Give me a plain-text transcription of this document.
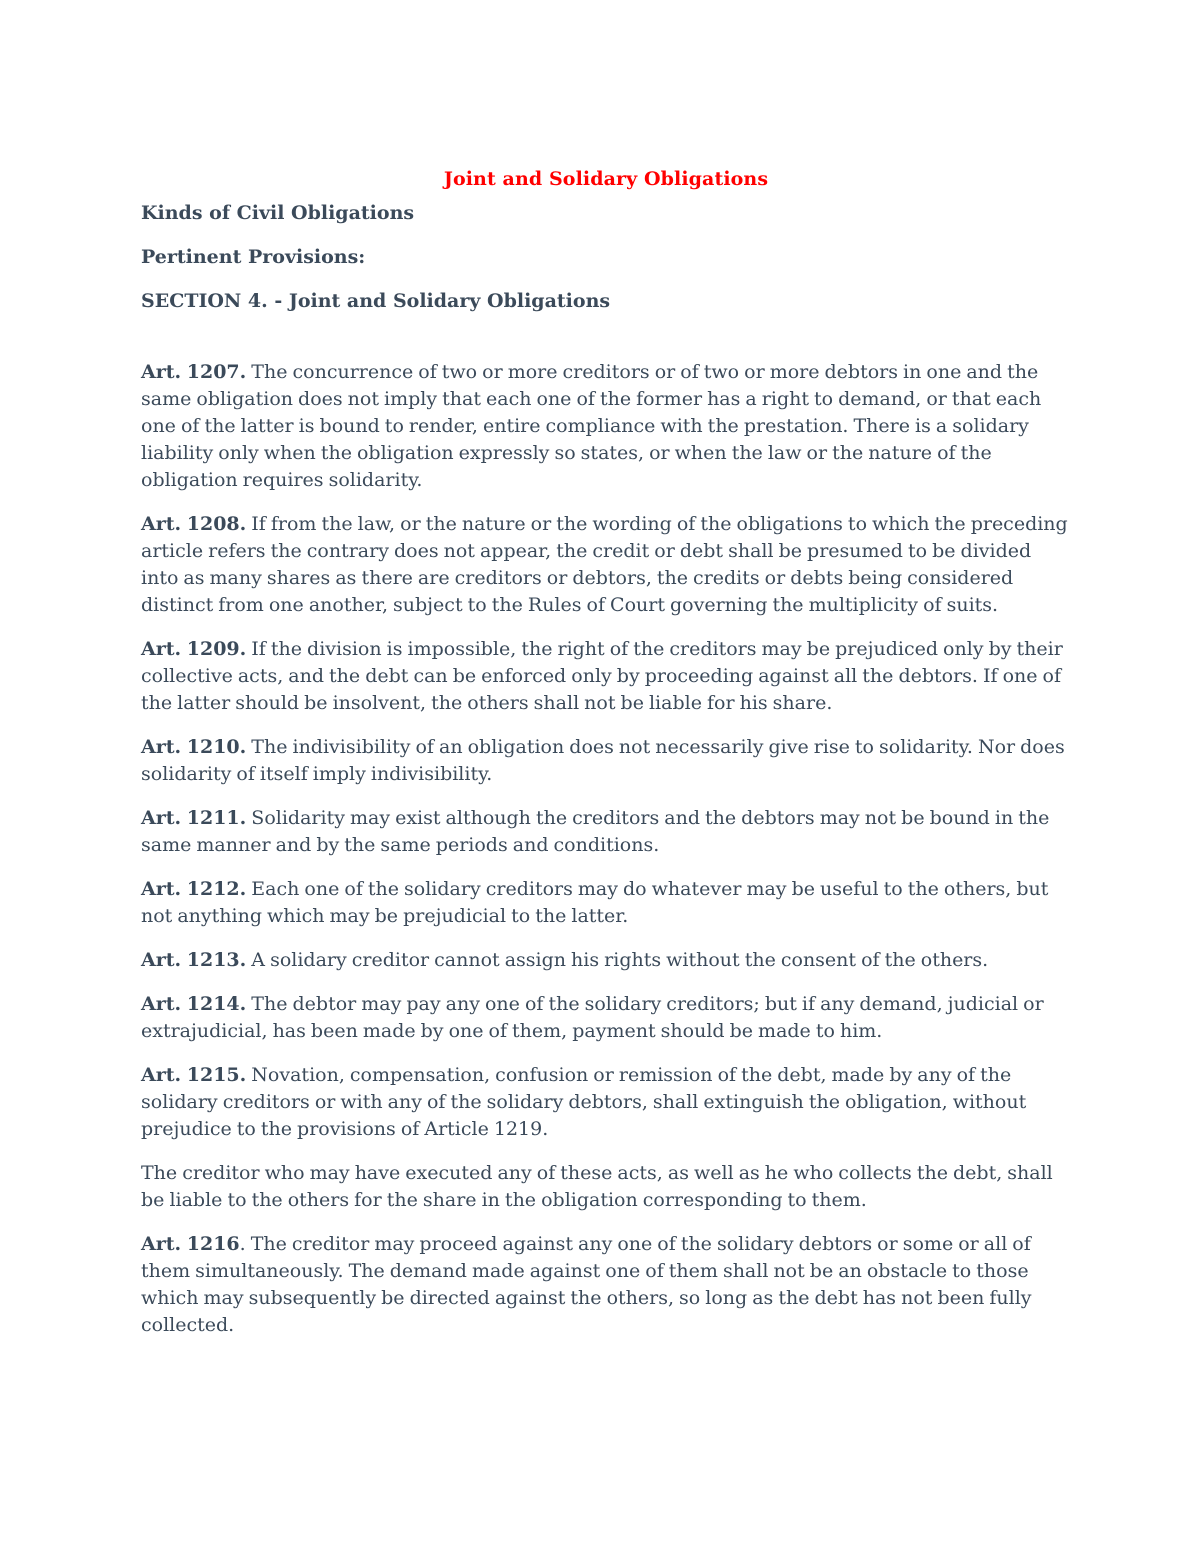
Joint and Solidary Obligations
Kinds of Civil Obligations
Pertinent Provisions:
SECTION 4. - Joint and Solidary Obligations
Art. 1207. The concurrence of two or more creditors or of two or more debtors in one and the same obligation does not imply that each one of the former has a right to demand, or that each one of the latter is bound to render, entire compliance with the prestation. There is a solidary liability only when the obligation expressly so states, or when the law or the nature of the obligation requires solidarity.
Art. 1208. If from the law, or the nature or the wording of the obligations to which the preceding article refers the contrary does not appear, the credit or debt shall be presumed to be divided into as many shares as there are creditors or debtors, the credits or debts being considered distinct from one another, subject to the Rules of Court governing the multiplicity of suits.
Art. 1209. If the division is impossible, the right of the creditors may be prejudiced only by their collective acts, and the debt can be enforced only by proceeding against all the debtors. If one of the latter should be insolvent, the others shall not be liable for his share.
Art. 1210. The indivisibility of an obligation does not necessarily give rise to solidarity. Nor does solidarity of itself imply indivisibility.
Art. 1211. Solidarity may exist although the creditors and the debtors may not be bound in the same manner and by the same periods and conditions.
Art. 1212. Each one of the solidary creditors may do whatever may be useful to the others, but not anything which may be prejudicial to the latter.
Art. 1213. A solidary creditor cannot assign his rights without the consent of the others.
Art. 1214. The debtor may pay any one of the solidary creditors; but if any demand, judicial or extrajudicial, has been made by one of them, payment should be made to him.
Art. 1215. Novation, compensation, confusion or remission of the debt, made by any of the solidary creditors or with any of the solidary debtors, shall extinguish the obligation, without prejudice to the provisions of Article 1219.
The creditor who may have executed any of these acts, as well as he who collects the debt, shall be liable to the others for the share in the obligation corresponding to them.
Art. 1216. The creditor may proceed against any one of the solidary debtors or some or all of them simultaneously. The demand made against one of them shall not be an obstacle to those which may subsequently be directed against the others, so long as the debt has not been fully collected.
